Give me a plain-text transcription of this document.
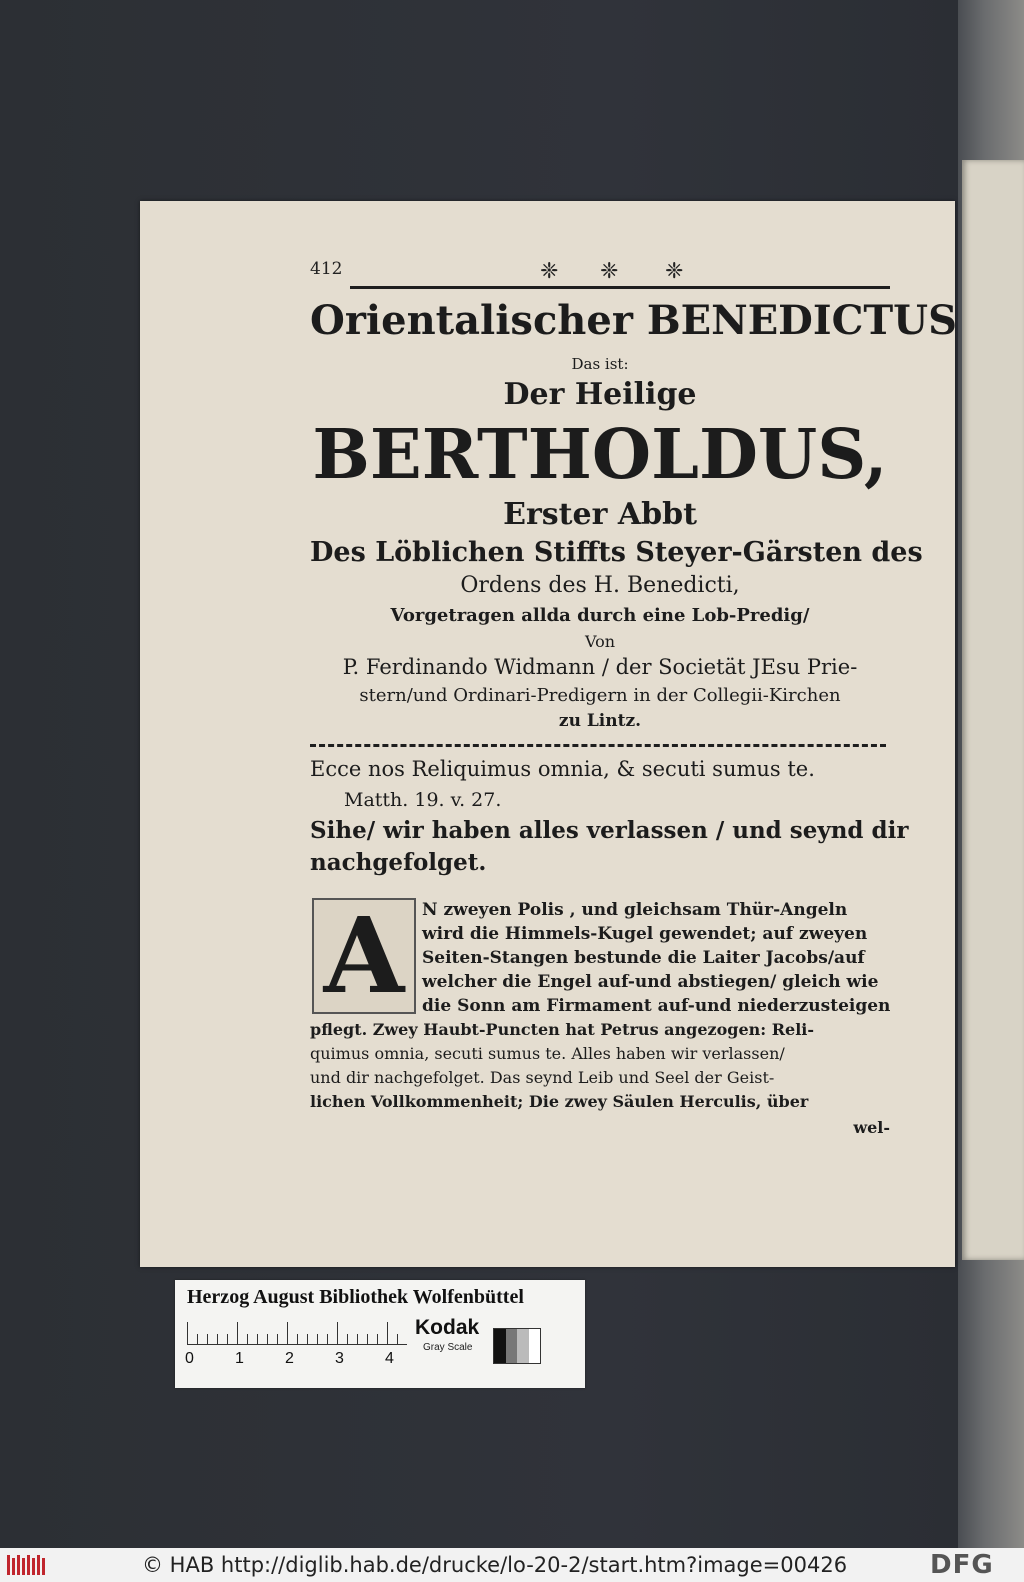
412	❈ ❈ ❈
Orientalischer BENEDICTUS
Das ist:
Der Heilige
BERTHOLDUS,
Erster Abbt
Des Löblichen Stiffts Steyer-Gärsten des
Ordens des H. Benedicti,
Vorgetragen allda durch eine Lob-Predig/
Von
P. Ferdinando Widmann / der Societät JEsu Prie-
stern/und Ordinari-Predigern in der Collegii-Kirchen
zu Lintz.
Ecce nos Reliquimus omnia, & secuti sumus te.
Matth. 19. v. 27.
Sihe/ wir haben alles verlassen / und seynd dir
nachgefolget.
A	N zweyen Polis , und gleichsam Thür-Angeln
wird die Himmels-Kugel gewendet; auf zweyen
Seiten-Stangen bestunde die Laiter Jacobs/auf
welcher die Engel auf-und abstiegen/ gleich wie
die Sonn am Firmament auf-und niederzusteigen
pflegt. Zwey Haubt-Puncten hat Petrus angezogen: Reli-
quimus omnia, secuti sumus te. Alles haben wir verlassen/
und dir nachgefolget. Das seynd Leib und Seel der Geist-
lichen Vollkommenheit; Die zwey Säulen Herculis, über
wel-
Herzog August Bibliothek Wolfenbüttel
0	1	2	3	4
Kodak
Gray Scale
© HAB http://diglib.hab.de/drucke/lo-20-2/start.htm?image=00426	DFG
